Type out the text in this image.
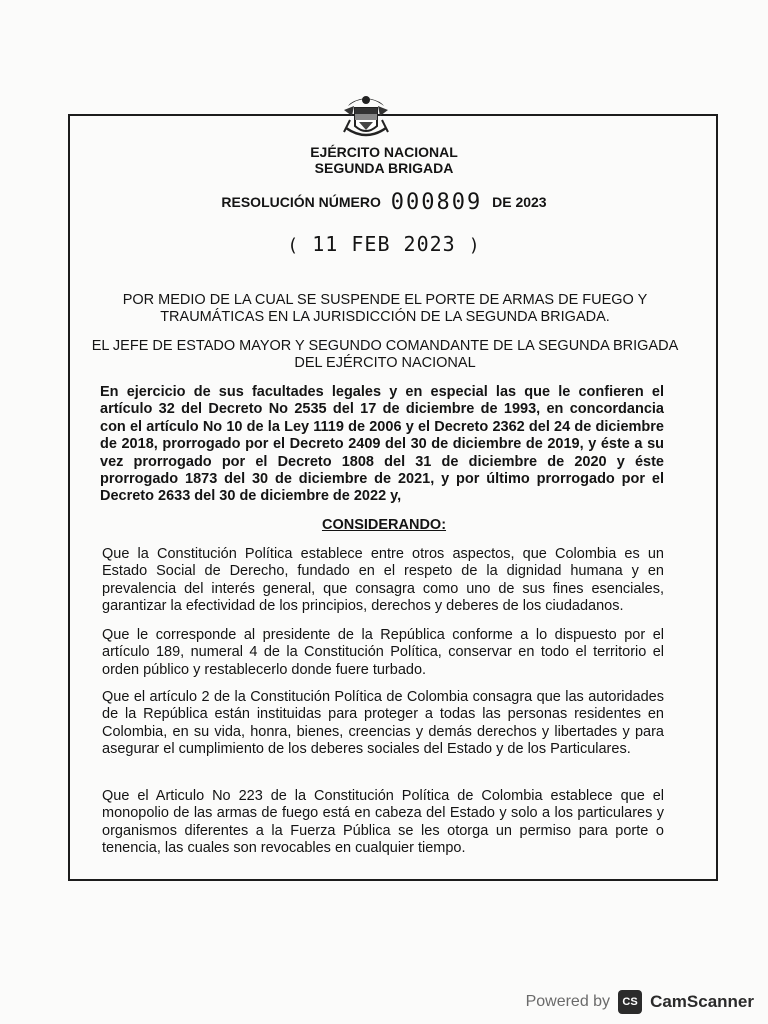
EJÉRCITO NACIONAL
SEGUNDA BRIGADA
RESOLUCIÓN NÚMERO 000809 DE 2023
( 11 FEB 2023 )
POR MEDIO DE LA CUAL SE SUSPENDE EL PORTE DE ARMAS DE FUEGO Y TRAUMÁTICAS EN LA JURISDICCIÓN DE LA SEGUNDA BRIGADA.
EL JEFE DE ESTADO MAYOR Y SEGUNDO COMANDANTE DE LA SEGUNDA BRIGADA DEL EJÉRCITO NACIONAL
En ejercicio de sus facultades legales y en especial las que le confieren el artículo 32 del Decreto No 2535 del 17 de diciembre de 1993, en concordancia con el artículo No 10 de la Ley 1119 de 2006 y el Decreto 2362 del 24 de diciembre de 2018, prorrogado por el Decreto 2409 del 30 de diciembre de 2019, y éste a su vez prorrogado por el Decreto 1808 del 31 de diciembre de 2020 y éste prorrogado 1873 del 30 de diciembre de 2021, y por último prorrogado por el Decreto 2633 del 30 de diciembre de 2022 y,
CONSIDERANDO:
Que la Constitución Política establece entre otros aspectos, que Colombia es un Estado Social de Derecho, fundado en el respeto de la dignidad humana y en prevalencia del interés general, que consagra como uno de sus fines esenciales, garantizar la efectividad de los principios, derechos y deberes de los ciudadanos.
Que le corresponde al presidente de la República conforme a lo dispuesto por el artículo 189, numeral 4 de la Constitución Política, conservar en todo el territorio el orden público y restablecerlo donde fuere turbado.
Que el artículo 2 de la Constitución Política de Colombia consagra que las autoridades de la República están instituidas para proteger a todas las personas residentes en Colombia, en su vida, honra, bienes, creencias y demás derechos y libertades y para asegurar el cumplimiento de los deberes sociales del Estado y de los Particulares.
Que el Articulo No 223 de la Constitución Política de Colombia establece que el monopolio de las armas de fuego está en cabeza del Estado y solo a los particulares y organismos diferentes a la Fuerza Pública se les otorga un permiso para porte o tenencia, las cuales son revocables en cualquier tiempo.
Powered by	CS CamScanner
